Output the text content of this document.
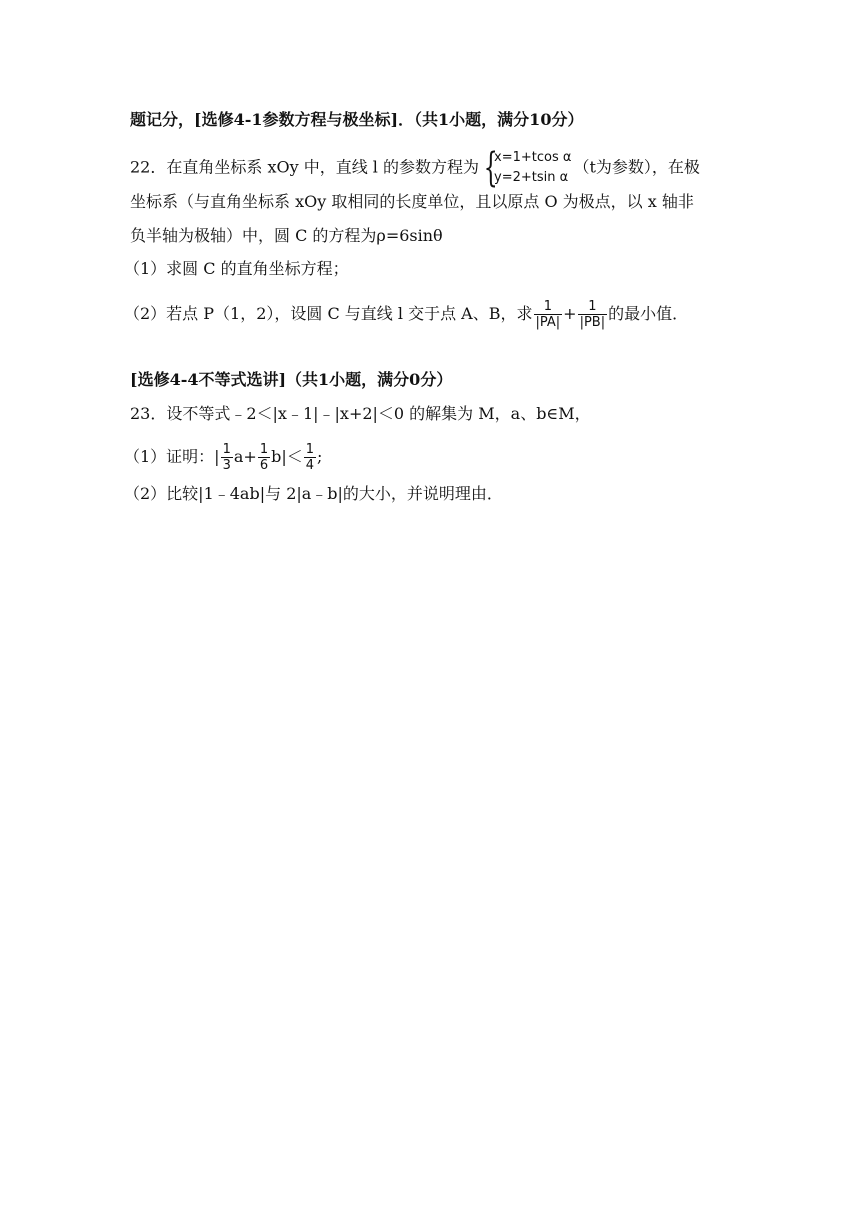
题记分，[选修4-1参数方程与极坐标]．（共1小题，满分10分）
22．在直角坐标系 xOy 中，直线 l 的参数方程为 {
x=1+tcos α
y=2+tsin α
（t为参数），在极
坐标系（与直角坐标系 xOy 取相同的长度单位，且以原点 O 为极点，以 x 轴非
负半轴为极轴）中，圆 C 的方程为ρ=6sinθ
（1）求圆 C 的直角坐标方程；
（2）若点 P（1，2），设圆 C 与直线 l 交于点 A、B，求 $\frac{1}{|PA|} + \frac{1}{|PB|}$ 的最小值．
[选修4-4不等式选讲]（共1小题，满分0分）
23．设不等式﹣2＜|x﹣1|﹣|x+2|＜0 的解集为 M，a、b∈M，
（1）证明：| $\frac{1}{3} a+ \frac{1}{6} b|< \frac{1}{4}$ ;
（2）比较|1﹣4ab|与 2|a﹣b|的大小，并说明理由．
